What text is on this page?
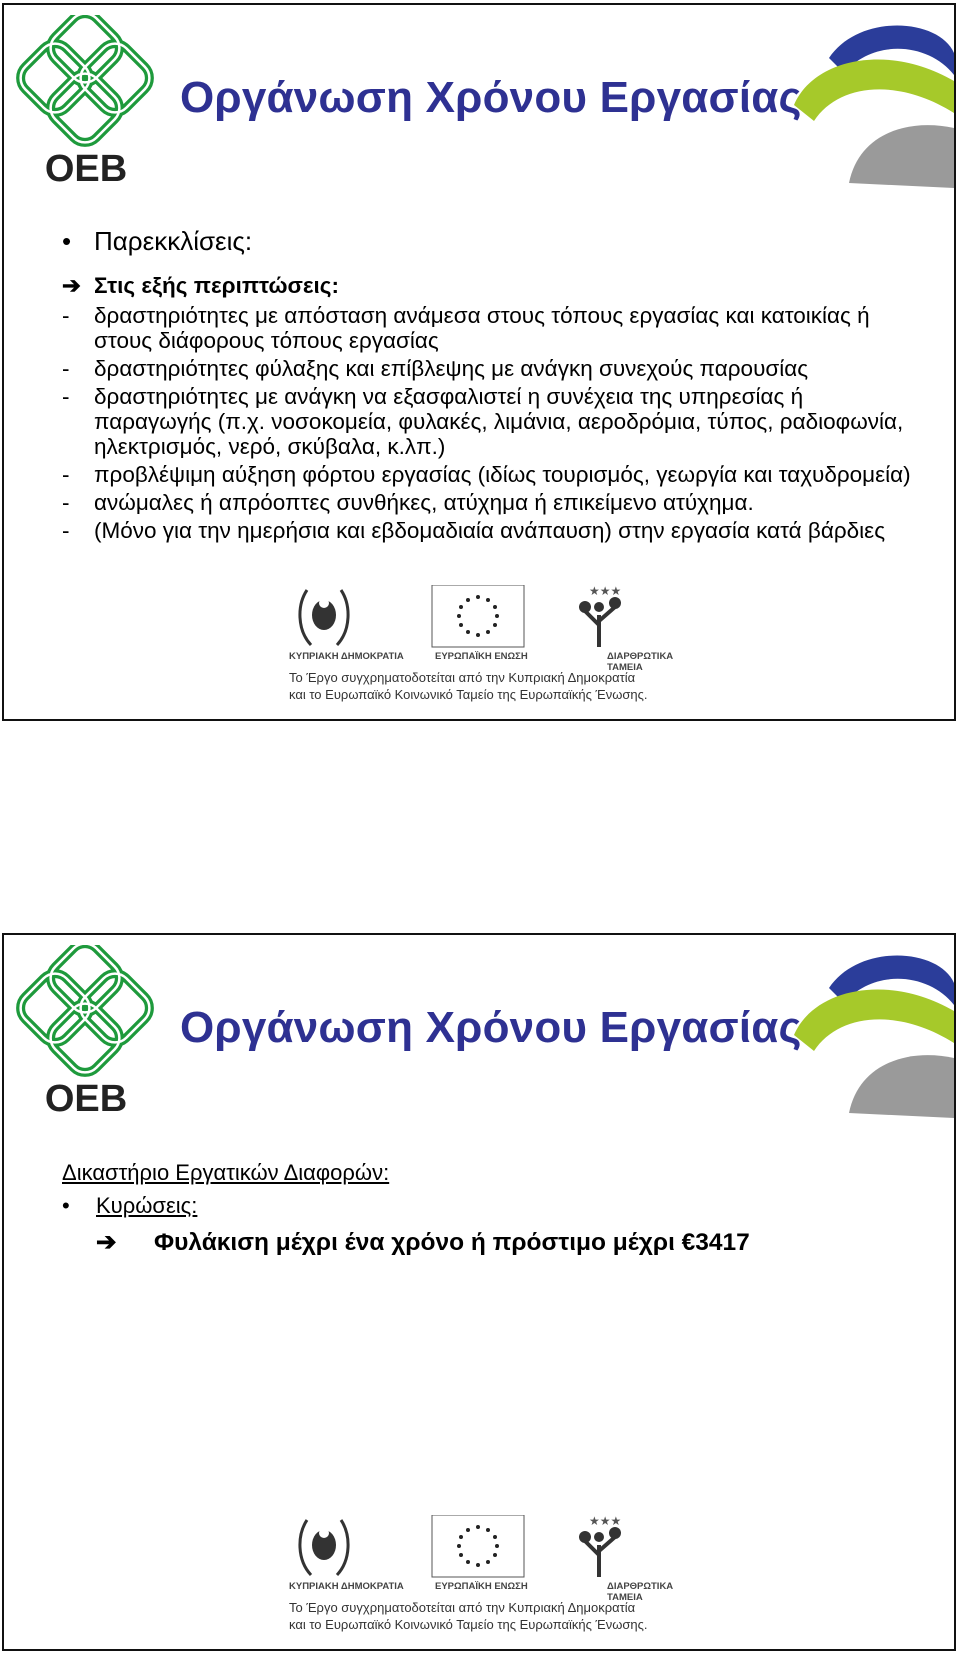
ΟΕΒ
Οργάνωση Χρόνου Εργασίας
• Παρεκκλίσεις:
➔ Στις εξής περιπτώσεις:
-	δραστηριότητες με απόσταση ανάμεσα στους τόπους εργασίας και κατοικίας ή στους διάφορους τόπους εργασίας
-	δραστηριότητες φύλαξης και επίβλεψης με ανάγκη συνεχούς παρουσίας
-	δραστηριότητες με ανάγκη να εξασφαλιστεί η συνέχεια της υπηρεσίας ή παραγωγής (π.χ. νοσοκομεία, φυλακές, λιμάνια, αεροδρόμια, τύπος, ραδιοφωνία, ηλεκτρισμός, νερό, σκύβαλα, κ.λπ.)
-	προβλέψιμη αύξηση φόρτου εργασίας (ιδίως τουρισμός, γεωργία και ταχυδρομεία)
-	ανώμαλες ή απρόοπτες συνθήκες, ατύχημα ή επικείμενο ατύχημα.
-	(Μόνο για την ημερήσια και εβδομαδιαία ανάπαυση) στην εργασία κατά βάρδιες
★★★
ΚΥΠΡΙΑΚΗ ΔΗΜΟΚΡΑΤΙΑ	ΕΥΡΩΠΑΪΚΗ ΕΝΩΣΗ	ΔΙΑΡΘΡΩΤΙΚΑ ΤΑΜΕΙΑ
Το Έργο συγχρηματοδοτείται από την Κυπριακή Δημοκρατία
και το Ευρωπαϊκό Κοινωνικό Ταμείο της Ευρωπαϊκής Ένωσης.
ΟΕΒ
Οργάνωση Χρόνου Εργασίας
Δικαστήριο Εργατικών Διαφορών:
• Κυρώσεις:
➔ Φυλάκιση μέχρι ένα χρόνο ή πρόστιμο μέχρι €3417
★★★
ΚΥΠΡΙΑΚΗ ΔΗΜΟΚΡΑΤΙΑ	ΕΥΡΩΠΑΪΚΗ ΕΝΩΣΗ	ΔΙΑΡΘΡΩΤΙΚΑ ΤΑΜΕΙΑ
Το Έργο συγχρηματοδοτείται από την Κυπριακή Δημοκρατία
και το Ευρωπαϊκό Κοινωνικό Ταμείο της Ευρωπαϊκής Ένωσης.
